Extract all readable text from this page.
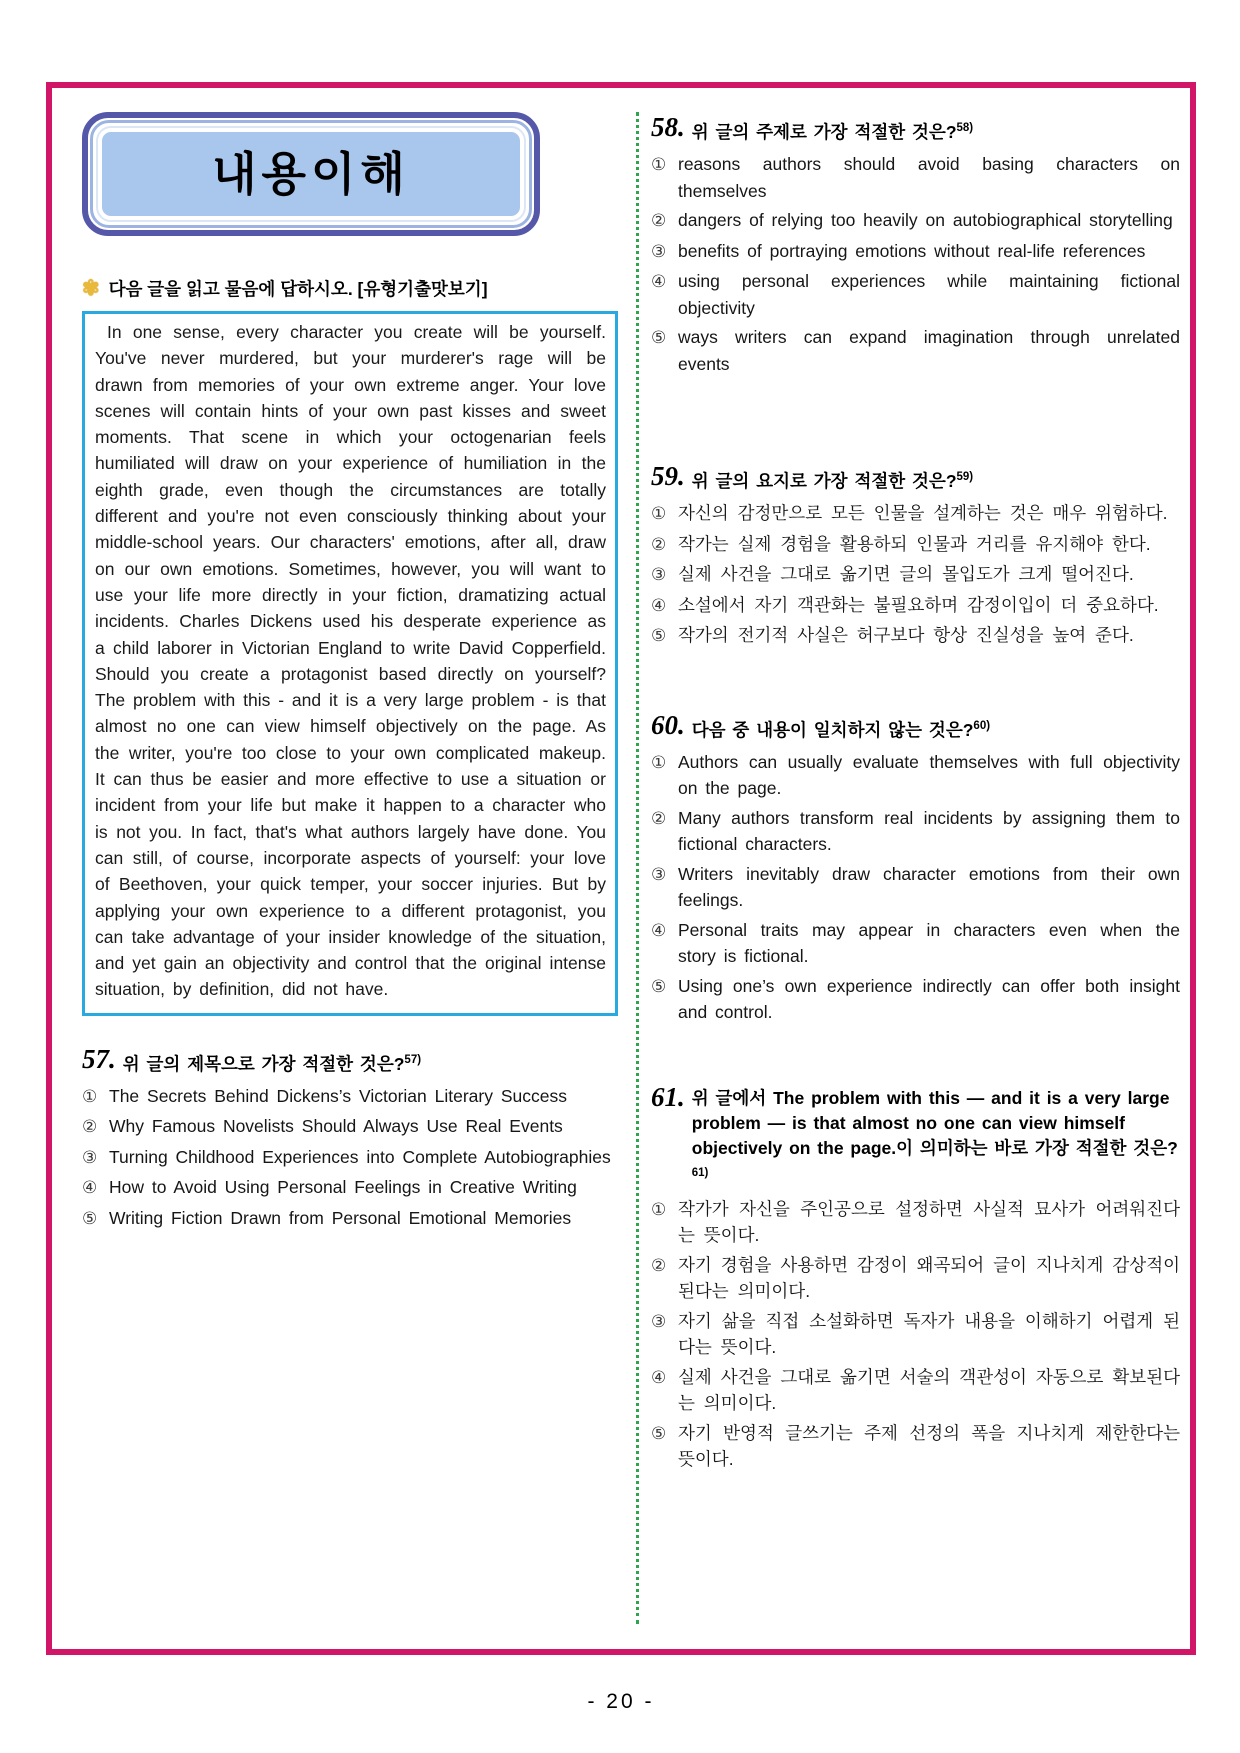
내용이해
✾ 다음 글을 읽고 물음에 답하시오. [유형기출맛보기]

In one sense, every character you create will be yourself. You've never murdered, but your murderer's rage will be drawn from memories of your own extreme anger. Your love scenes will contain hints of your own past kisses and sweet moments. That scene in which your octogenarian feels humiliated will draw on your experience of humiliation in the eighth grade, even though the circumstances are totally different and you're not even consciously thinking about your middle-school years. Our characters' emotions, after all, draw on our own emotions. Sometimes, however, you will want to use your life more directly in your fiction, dramatizing actual incidents. Charles Dickens used his desperate experience as a child laborer in Victorian England to write David Copperfield. Should you create a protagonist based directly on yourself? The problem with this - and it is a very large problem - is that almost no one can view himself objectively on the page. As the writer, you're too close to your own complicated makeup. It can thus be easier and more effective to use a situation or incident from your life but make it happen to a character who is not you. In fact, that's what authors largely have done. You can still, of course, incorporate aspects of yourself: your love of Beethoven, your quick temper, your soccer injuries. But by applying your own experience to a different protagonist, you can take advantage of your insider knowledge of the situation, and yet gain an objectivity and control that the original intense situation, by definition, did not have.

57. 위 글의 제목으로 가장 적절한 것은?$^{57)}$
① The Secrets Behind Dickens’s Victorian Literary Success
② Why Famous Novelists Should Always Use Real Events
③ Turning Childhood Experiences into Complete Autobiographies
④ How to Avoid Using Personal Feelings in Creative Writing
⑤ Writing Fiction Drawn from Personal Emotional Memories
58. 위 글의 주제로 가장 적절한 것은?$^{58)}$
① reasons authors should avoid basing characters on themselves
② dangers of relying too heavily on autobiographical storytelling
③ benefits of portraying emotions without real-life references
④ using personal experiences while maintaining fictional objectivity
⑤ ways writers can expand imagination through unrelated events
59. 위 글의 요지로 가장 적절한 것은?$^{59)}$
① 자신의 감정만으로 모든 인물을 설계하는 것은 매우 위험하다.
② 작가는 실제 경험을 활용하되 인물과 거리를 유지해야 한다.
③ 실제 사건을 그대로 옮기면 글의 몰입도가 크게 떨어진다.
④ 소설에서 자기 객관화는 불필요하며 감정이입이 더 중요하다.
⑤ 작가의 전기적 사실은 허구보다 항상 진실성을 높여 준다.
60. 다음 중 내용이 일치하지 않는 것은?$^{60)}$
① Authors can usually evaluate themselves with full objectivity on the page.
② Many authors transform real incidents by assigning them to fictional characters.
③ Writers inevitably draw character emotions from their own feelings.
④ Personal traits may appear in characters even when the story is fictional.
⑤ Using one’s own experience indirectly can offer both insight and control.
61. 위 글에서 The problem with this — and it is a very large problem — is that almost no one can view himself objectively on the page.이 의미하는 바로 가장 적절한 것은?$^{61)}$
① 작가가 자신을 주인공으로 설정하면 사실적 묘사가 어려워진다는 뜻이다.
② 자기 경험을 사용하면 감정이 왜곡되어 글이 지나치게 감상적이 된다는 의미이다.
③ 자기 삶을 직접 소설화하면 독자가 내용을 이해하기 어렵게 된다는 뜻이다.
④ 실제 사건을 그대로 옮기면 서술의 객관성이 자동으로 확보된다는 의미이다.
⑤ 자기 반영적 글쓰기는 주제 선정의 폭을 지나치게 제한한다는 뜻이다.
- 20 -
